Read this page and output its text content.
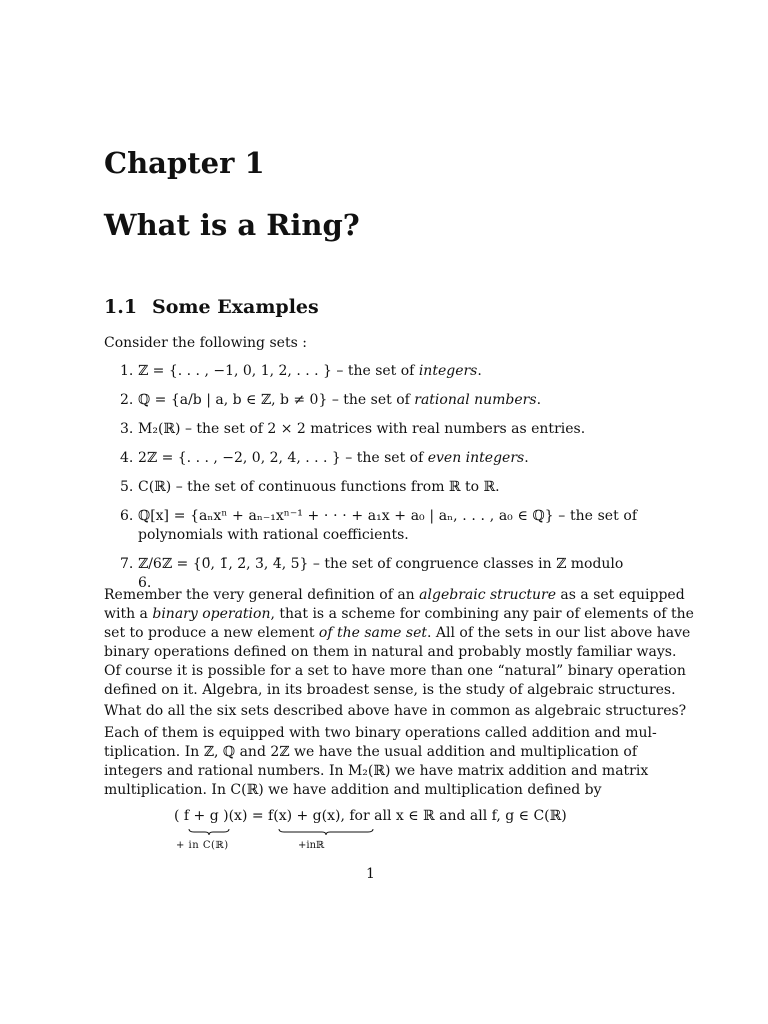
Chapter 1
What is a Ring?
1.1 Some Examples
Consider the following sets :
1. ℤ = {. . . , −1, 0, 1, 2, . . . } – the set of integers.
2. ℚ = {a/b | a, b ∈ ℤ, b ≠ 0} – the set of rational numbers.
3. M₂(ℝ) – the set of 2 × 2 matrices with real numbers as entries.
4. 2ℤ = {. . . , −2, 0, 2, 4, . . . } – the set of even integers.
5. C(ℝ) – the set of continuous functions from ℝ to ℝ.
6. ℚ[x] = {aₙxⁿ + aₙ₋₁xⁿ⁻¹ + · · · + a₁x + a₀ | aₙ, . . . , a₀ ∈ ℚ} – the set of
polynomials with rational coefficients.
7. ℤ/6ℤ = {0̄, 1̄, 2̄, 3̄, 4̄, 5̄} – the set of congruence classes in ℤ modulo 6.
Remember the very general definition of an algebraic structure as a set equipped
with a binary operation, that is a scheme for combining any pair of elements of the
set to produce a new element of the same set. All of the sets in our list above have
binary operations defined on them in natural and probably mostly familiar ways.
Of course it is possible for a set to have more than one “natural” binary operation
defined on it. Algebra, in its broadest sense, is the study of algebraic structures.
What do all the six sets described above have in common as algebraic structures?
Each of them is equipped with two binary operations called addition and mul-
tiplication. In ℤ, ℚ and 2ℤ we have the usual addition and multiplication of
integers and rational numbers. In M₂(ℝ) we have matrix addition and matrix
multiplication. In C(ℝ) we have addition and multiplication defined by
( f + g )(x) = f(x) + g(x), for all x ∈ ℝ and all f, g ∈ C(ℝ)
+ in C(ℝ)	+inℝ
1
